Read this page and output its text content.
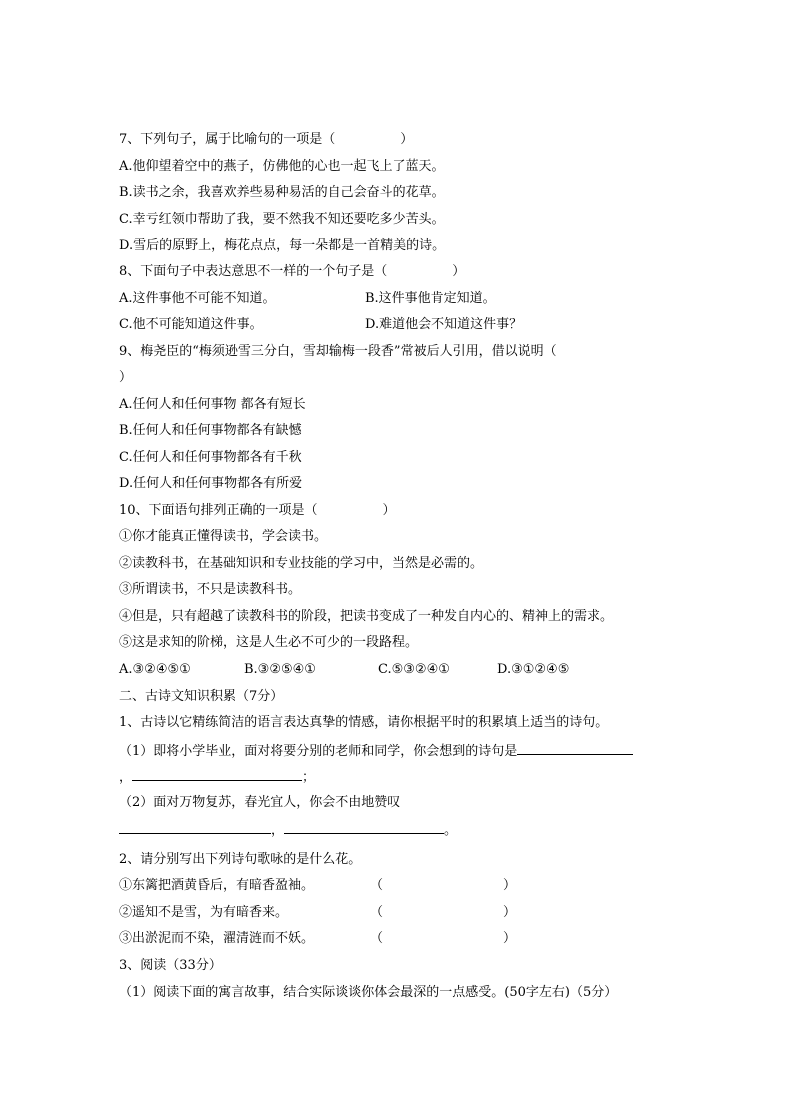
7、下列句子，属于比喻句的一项是（　　　　　）
A.他仰望着空中的燕子，仿佛他的心也一起飞上了蓝天。
B.读书之余，我喜欢养些易种易活的自己会奋斗的花草。
C.幸亏红领巾帮助了我，要不然我不知还要吃多少苦头。
D.雪后的原野上，梅花点点，每一朵都是一首精美的诗。
8、下面句子中表达意思不一样的一个句子是（　　　　　）
A.这件事他不可能不知道。	B.这件事他肯定知道。
C.他不可能知道这件事。	D.难道他会不知道这件事？
9、梅尧臣的“梅须逊雪三分白，雪却输梅一段香”常被后人引用，借以说明（
）
A.任何人和任何事物 都各有短长
B.任何人和任何事物都各有缺憾
C.任何人和任何事物都各有千秋
D.任何人和任何事物都各有所爱
10、下面语句排列正确的一项是（　　　　　）
①你才能真正懂得读书，学会读书。
②读教科书，在基础知识和专业技能的学习中，当然是必需的。
③所谓读书，不只是读教科书。
④但是，只有超越了读教科书的阶段，把读书变成了一种发自内心的、精神上的需求。
⑤这是求知的阶梯，这是人生必不可少的一段路程。
A.③②④⑤①	B.③②⑤④①	C.⑤③②④①	D.③①②④⑤
二、古诗文知识积累（7分）
1、古诗以它精练简洁的语言表达真挚的情感，请你根据平时的积累填上适当的诗句。
（1）即将小学毕业，面对将要分别的老师和同学，你会想到的诗句是
，	；
（2）面对万物复苏，春光宜人，你会不由地赞叹
，	。
2、请分别写出下列诗句歌咏的是什么花。
①东篱把酒黄昏后，有暗香盈袖。	（	）
②遥知不是雪，为有暗香来。	（	）
③出淤泥而不染，濯清涟而不妖。	（	）
3、阅读（33分）
（1）阅读下面的寓言故事，结合实际谈谈你体会最深的一点感受。(50字左右)（5分）
